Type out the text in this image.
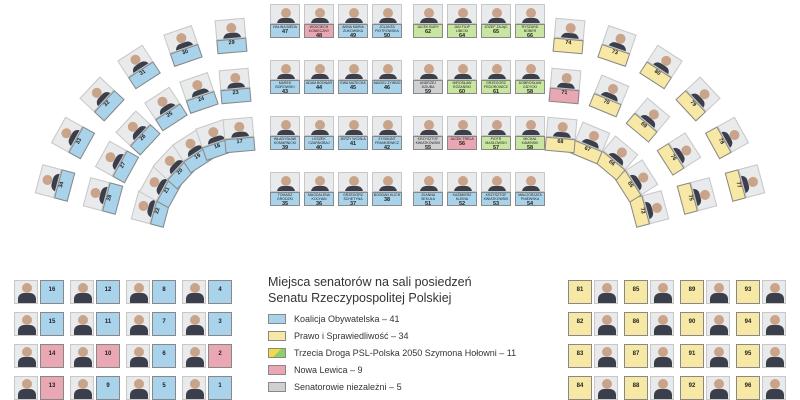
HALINA BIEDA
47
WOJCIECH KONIECZNY
48
ANNA MARIA ŻUKOWSKA
49
JOLANTA PIOTROWSKA
50
MAREK BOROWSKI
43
ADAM BODNAR
44
EWA MATECKA
45
MACIEJ ŻYWNO
46
WŁADYSŁAW KOMARNICKI
39
LESZEK CZARNOBAJ
40
JERZY WCISŁA
41
ZYGMUNT FRANKIEWICZ
42
TOMASZ GRODZKI
35
MAGDALENA KOCHAN
36
GRZEGORZ SCHETYNA
37
BOGDAN KLICH
38
JACEK BURY
62
JAN FILIP LIBICKI
64
JÓZEF ZAJĄC
65
RYSZARD BOBER
66
ANDRZEJ DZIUBA
59
MIROSŁAW RÓŻAŃSKI
60
GRZEGORZ FEDOROWICZ
61
DOBROSŁAW GIŻYCKI
58
KRZYSZTOF KWIATKOWSKI
55
JACEK TRELA
56
PIOTR MASŁOWSKI
57
MICHAŁ KAMIŃSKI
58
JOANNA SEKUŁA
51
KAZIMIERZ KLEINA
52
KRZYSZTOF KWIATKOWSKI
53
MAŁGORZATA PNIEWSKA
54
34
33
32
31
30
29
28
27
26
25
24
23
22
21
20
19
18
17
77
78
79
80
73
74
75
76
69
70
71
72
65
66
67
68
16	12	8	4
15	11	7	3
14	10	6	2
13	9	5	1
81	85	89	93
82	86	90	94
83	87	91	95
84	88	92	96
Miejsca senatorów na sali posiedzeń
Senatu Rzeczypospolitej Polskiej
Koalicja Obywatelska – 41
Prawo i Sprawiedliwość – 34
Trzecia Droga PSL-Polska 2050 Szymona Hołowni – 11
Nowa Lewica – 9
Senatorowie niezależni – 5
